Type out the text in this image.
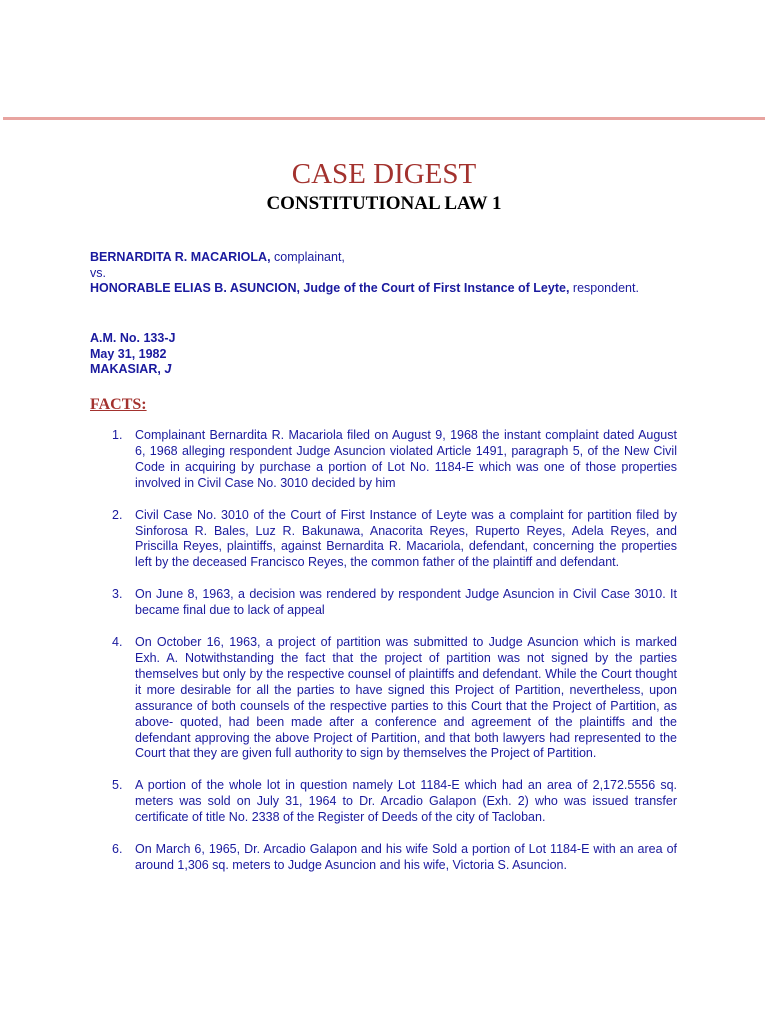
CASE DIGEST
CONSTITUTIONAL LAW 1
BERNARDITA R. MACARIOLA, complainant,
vs.
HONORABLE ELIAS B. ASUNCION, Judge of the Court of First Instance of Leyte, respondent.
A.M. No. 133-J
May 31, 1982
MAKASIAR, J
FACTS:
1.	Complainant Bernardita R. Macariola filed on August 9, 1968 the instant complaint dated August 6, 1968 alleging respondent Judge Asuncion violated Article 1491, paragraph 5, of the New Civil Code in acquiring by purchase a portion of Lot No. 1184-E which was one of those properties involved in Civil Case No. 3010 decided by him
2.	Civil Case No. 3010 of the Court of First Instance of Leyte was a complaint for partition filed by Sinforosa R. Bales, Luz R. Bakunawa, Anacorita Reyes, Ruperto Reyes, Adela Reyes, and Priscilla Reyes, plaintiffs, against Bernardita R. Macariola, defendant, concerning the properties left by the deceased Francisco Reyes, the common father of the plaintiff and defendant.
3.	On June 8, 1963, a decision was rendered by respondent Judge Asuncion in Civil Case 3010. It became final due to lack of appeal
4.	On October 16, 1963, a project of partition was submitted to Judge Asuncion which is marked Exh. A. Notwithstanding the fact that the project of partition was not signed by the parties themselves but only by the respective counsel of plaintiffs and defendant. While the Court thought it more desirable for all the parties to have signed this Project of Partition, nevertheless, upon assurance of both counsels of the respective parties to this Court that the Project of Partition, as above- quoted, had been made after a conference and agreement of the plaintiffs and the defendant approving the above Project of Partition, and that both lawyers had represented to the Court that they are given full authority to sign by themselves the Project of Partition.
5.	A portion of the whole lot in question namely Lot 1184-E which had an area of 2,172.5556 sq. meters was sold on July 31, 1964 to Dr. Arcadio Galapon (Exh. 2) who was issued transfer certificate of title No. 2338 of the Register of Deeds of the city of Tacloban.
6.	On March 6, 1965, Dr. Arcadio Galapon and his wife Sold a portion of Lot 1184-E with an area of around 1,306 sq. meters to Judge Asuncion and his wife, Victoria S. Asuncion.
